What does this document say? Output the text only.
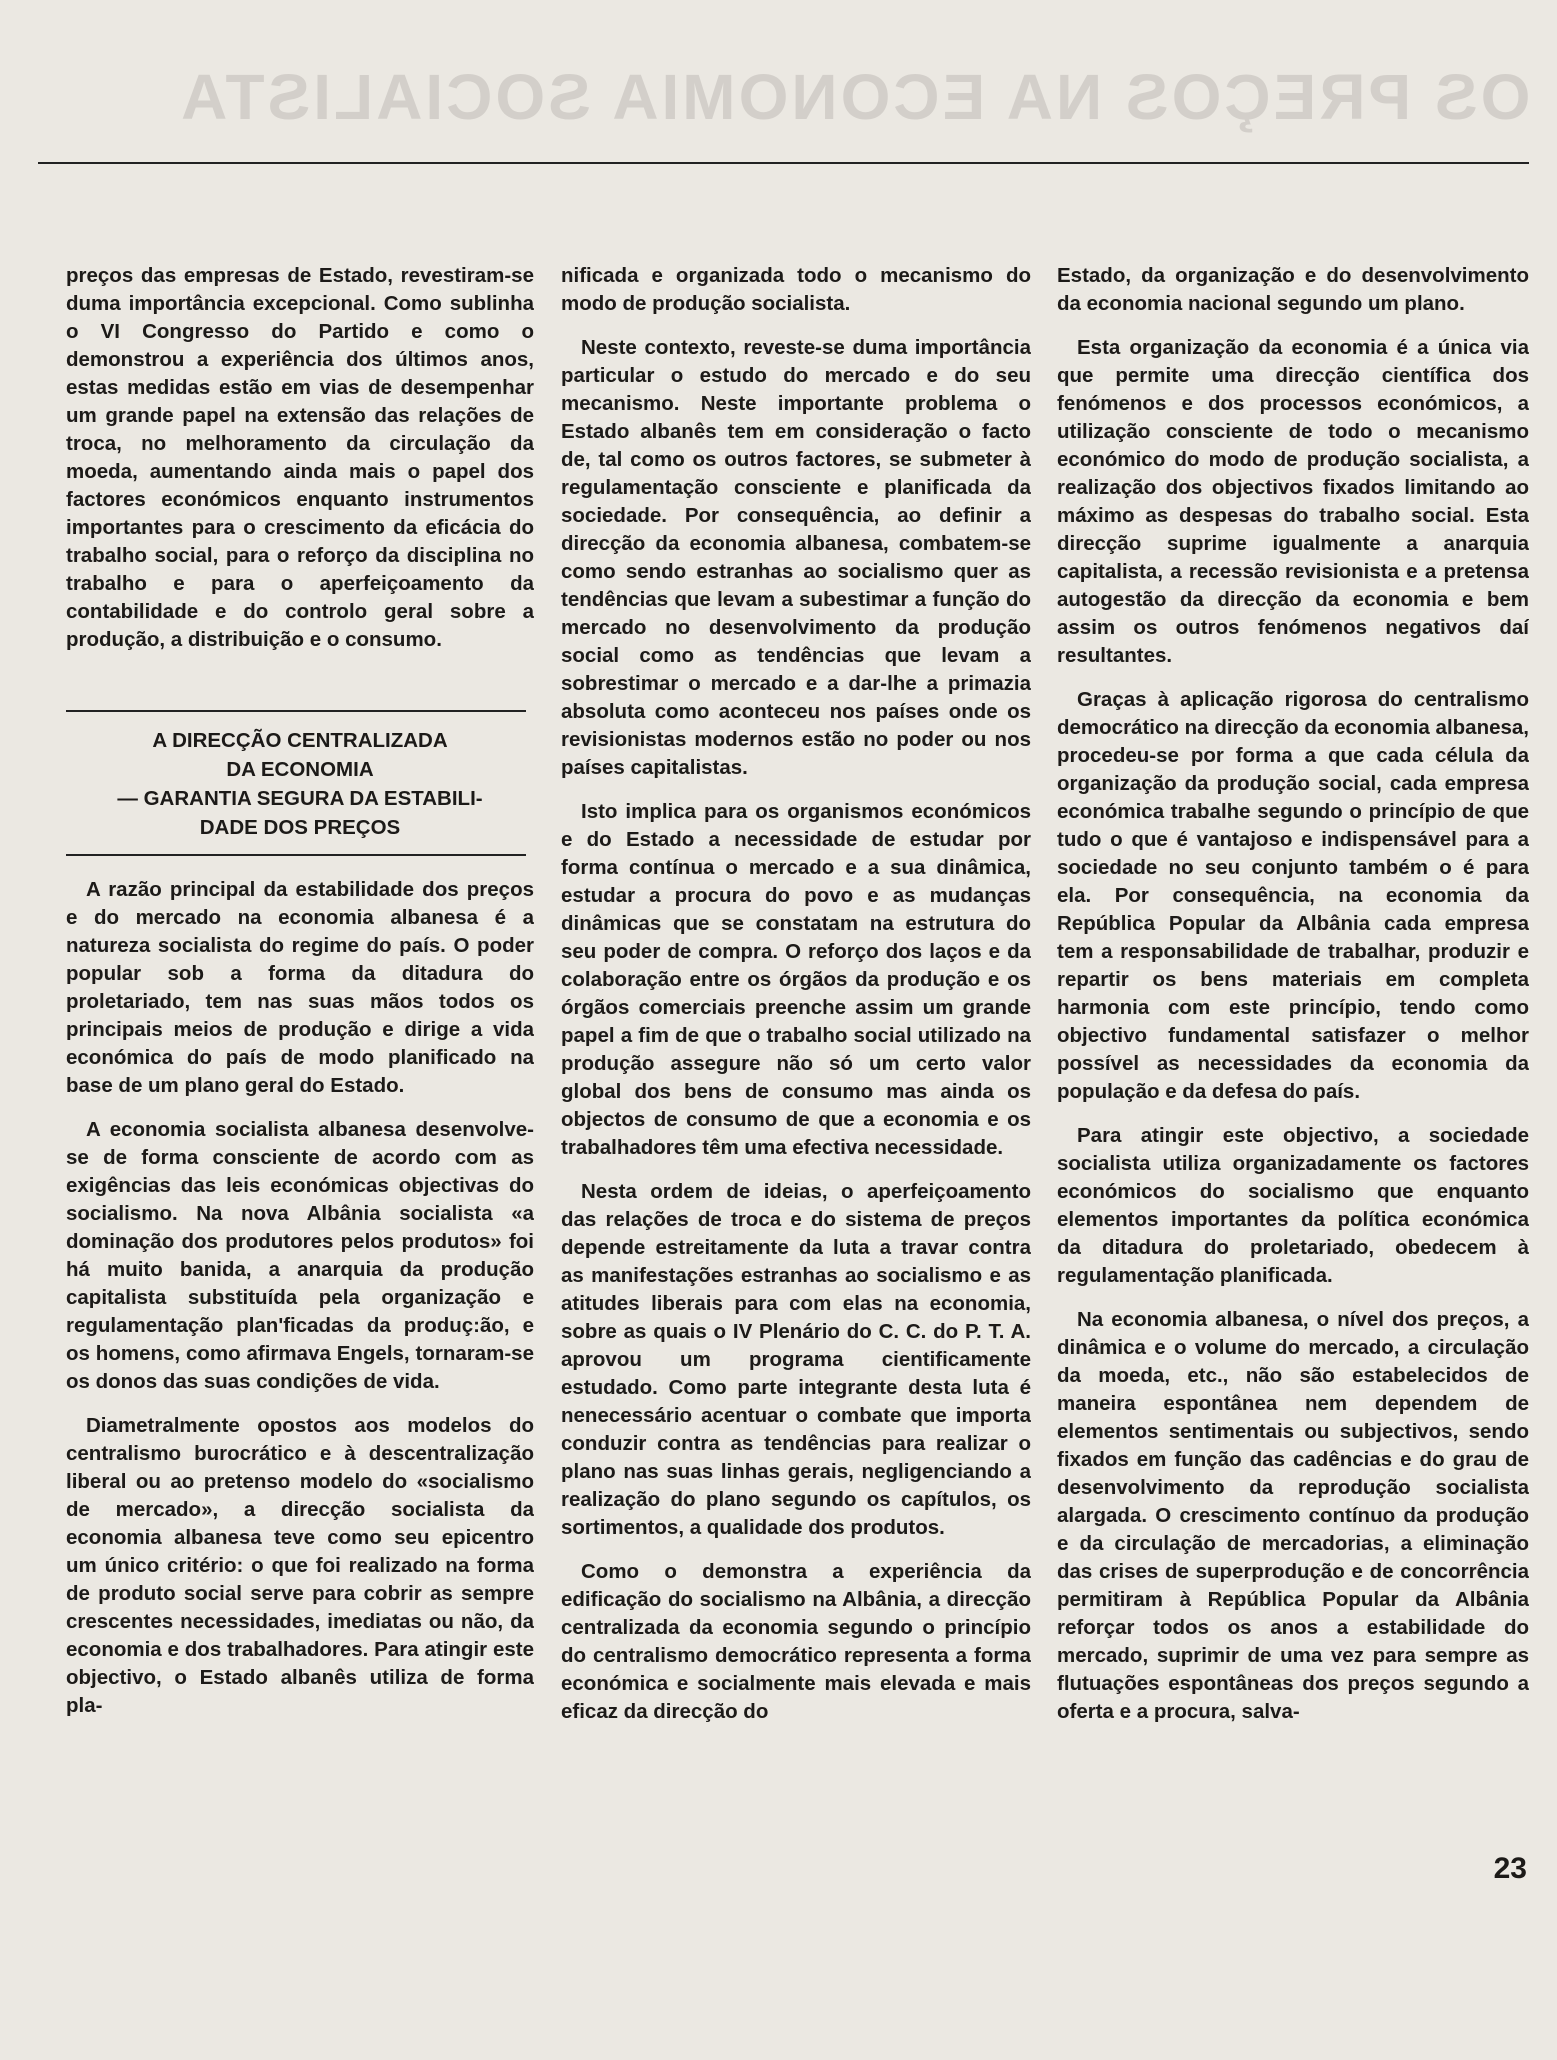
OS PREÇOS NA ECONOMIA SOCIALISTA

preços das empresas de Estado, revestiram-se duma importância excepcional. Como sublinha o VI Congresso do Partido e como o demonstrou a experiência dos últimos anos, estas medidas estão em vias de desempenhar um grande papel na extensão das relações de troca, no melhoramento da circulação da moeda, aumentando ainda mais o papel dos factores económicos enquanto instrumentos importantes para o crescimento da eficácia do trabalho social, para o reforço da disciplina no trabalho e para o aperfeiçoamento da contabilidade e do controlo geral sobre a produção, a distribuição e o consumo.

A DIRECÇÃO CENTRALIZADA
DA ECONOMIA
— GARANTIA SEGURA DA ESTABILI-
DADE DOS PREÇOS

A razão principal da estabilidade dos preços e do mercado na economia albanesa é a natureza socialista do regime do país. O poder popular sob a forma da ditadura do proletariado, tem nas suas mãos todos os principais meios de produção e dirige a vida económica do país de modo planificado na base de um plano geral do Estado.

A economia socialista albanesa desenvolve-se de forma consciente de acordo com as exigências das leis económicas objectivas do socialismo. Na nova Albânia socialista «a dominação dos produtores pelos produtos» foi há muito banida, a anarquia da produção capitalista substituída pela organização e regulamentação plan'ficadas da produç:ão, e os homens, como afirmava Engels, tornaram-se os donos das suas condições de vida.

Diametralmente opostos aos modelos do centralismo burocrático e à descentralização liberal ou ao pretenso modelo do «socialismo de mercado», a direcção socialista da economia albanesa teve como seu epicentro um único critério: o que foi realizado na forma de produto social serve para cobrir as sempre crescentes necessidades, imediatas ou não, da economia e dos trabalhadores. Para atingir este objectivo, o Estado albanês utiliza de forma pla-

nificada e organizada todo o mecanismo do modo de produção socialista.

Neste contexto, reveste-se duma importância particular o estudo do mercado e do seu mecanismo. Neste importante problema o Estado albanês tem em consideração o facto de, tal como os outros factores, se submeter à regulamentação consciente e planificada da sociedade. Por consequência, ao definir a direcção da economia albanesa, combatem-se como sendo estranhas ao socialismo quer as tendências que levam a subestimar a função do mercado no desenvolvimento da produção social como as tendências que levam a sobrestimar o mercado e a dar-lhe a primazia absoluta como aconteceu nos países onde os revisionistas modernos estão no poder ou nos países capitalistas.

Isto implica para os organismos económicos e do Estado a necessidade de estudar por forma contínua o mercado e a sua dinâmica, estudar a procura do povo e as mudanças dinâmicas que se constatam na estrutura do seu poder de compra. O reforço dos laços e da colaboração entre os órgãos da produção e os órgãos comerciais preenche assim um grande papel a fim de que o trabalho social utilizado na produção assegure não só um certo valor global dos bens de consumo mas ainda os objectos de consumo de que a economia e os trabalhadores têm uma efectiva necessidade.

Nesta ordem de ideias, o aperfeiçoamento das relações de troca e do sistema de preços depende estreitamente da luta a travar contra as manifestações estranhas ao socialismo e as atitudes liberais para com elas na economia, sobre as quais o IV Plenário do C. C. do P. T. A. aprovou um programa cientificamente estudado. Como parte integrante desta luta é nenecessário acentuar o combate que importa conduzir contra as tendências para realizar o plano nas suas linhas gerais, negligenciando a realização do plano segundo os capítulos, os sortimentos, a qualidade dos produtos.

Como o demonstra a experiência da edificação do socialismo na Albânia, a direcção centralizada da economia segundo o princípio do centralismo democrático representa a forma económica e socialmente mais elevada e mais eficaz da direcção do

Estado, da organização e do desenvolvimento da economia nacional segundo um plano.

Esta organização da economia é a única via que permite uma direcção científica dos fenómenos e dos processos económicos, a utilização consciente de todo o mecanismo económico do modo de produção socialista, a realização dos objectivos fixados limitando ao máximo as despesas do trabalho social. Esta direcção suprime igualmente a anarquia capitalista, a recessão revisionista e a pretensa autogestão da direcção da economia e bem assim os outros fenómenos negativos daí resultantes.

Graças à aplicação rigorosa do centralismo democrático na direcção da economia albanesa, procedeu-se por forma a que cada célula da organização da produção social, cada empresa económica trabalhe segundo o princípio de que tudo o que é vantajoso e indispensável para a sociedade no seu conjunto também o é para ela. Por consequência, na economia da República Popular da Albânia cada empresa tem a responsabilidade de trabalhar, produzir e repartir os bens materiais em completa harmonia com este princípio, tendo como objectivo fundamental satisfazer o melhor possível as necessidades da economia da população e da defesa do país.

Para atingir este objectivo, a sociedade socialista utiliza organizadamente os factores económicos do socialismo que enquanto elementos importantes da política económica da ditadura do proletariado, obedecem à regulamentação planificada.

Na economia albanesa, o nível dos preços, a dinâmica e o volume do mercado, a circulação da moeda, etc., não são estabelecidos de maneira espontânea nem dependem de elementos sentimentais ou subjectivos, sendo fixados em função das cadências e do grau de desenvolvimento da reprodução socialista alargada. O crescimento contínuo da produção e da circulação de mercadorias, a eliminação das crises de superprodução e de concorrência permitiram à República Popular da Albânia reforçar todos os anos a estabilidade do mercado, suprimir de uma vez para sempre as flutuações espontâneas dos preços segundo a oferta e a procura, salva-

23
